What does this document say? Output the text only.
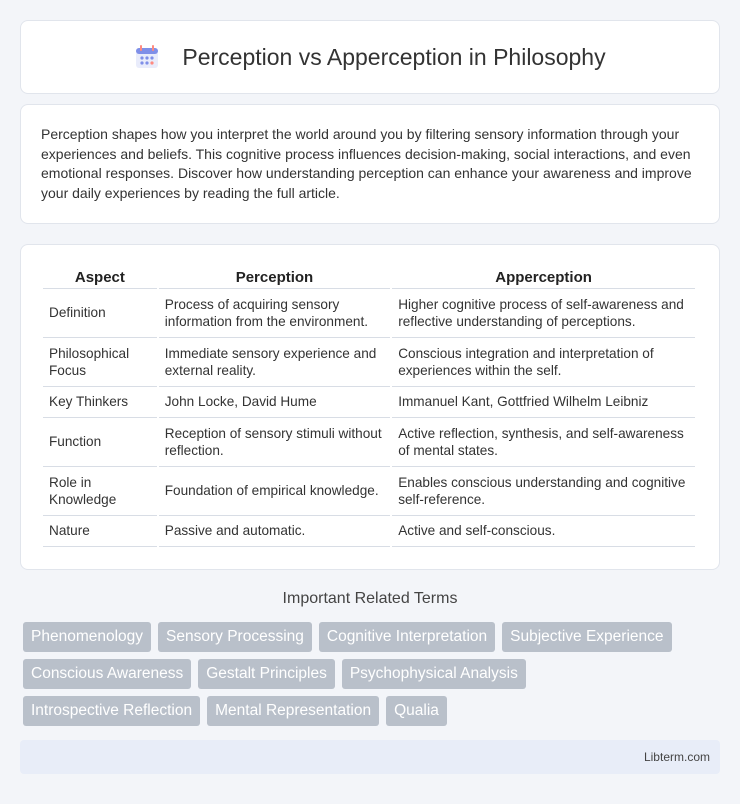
Perception vs Apperception in Philosophy

Perception shapes how you interpret the world around you by filtering sensory information through your experiences and beliefs. This cognitive process influences decision-making, social interactions, and even emotional responses. Discover how understanding perception can enhance your awareness and improve your daily experiences by reading the full article.

Aspect	Perception	Apperception
Definition	Process of acquiring sensory information from the environment.	Higher cognitive process of self-awareness and reflective understanding of perceptions.
Philosophical Focus	Immediate sensory experience and external reality.	Conscious integration and interpretation of experiences within the self.
Key Thinkers	John Locke, David Hume	Immanuel Kant, Gottfried Wilhelm Leibniz
Function	Reception of sensory stimuli without reflection.	Active reflection, synthesis, and self-awareness of mental states.
Role in Knowledge	Foundation of empirical knowledge.	Enables conscious understanding and cognitive self-reference.
Nature	Passive and automatic.	Active and self-conscious.
Important Related Terms
Phenomenology	Sensory Processing	Cognitive Interpretation	Subjective Experience
Conscious Awareness	Gestalt Principles	Psychophysical Analysis
Introspective Reflection	Mental Representation	Qualia
Libterm.com
